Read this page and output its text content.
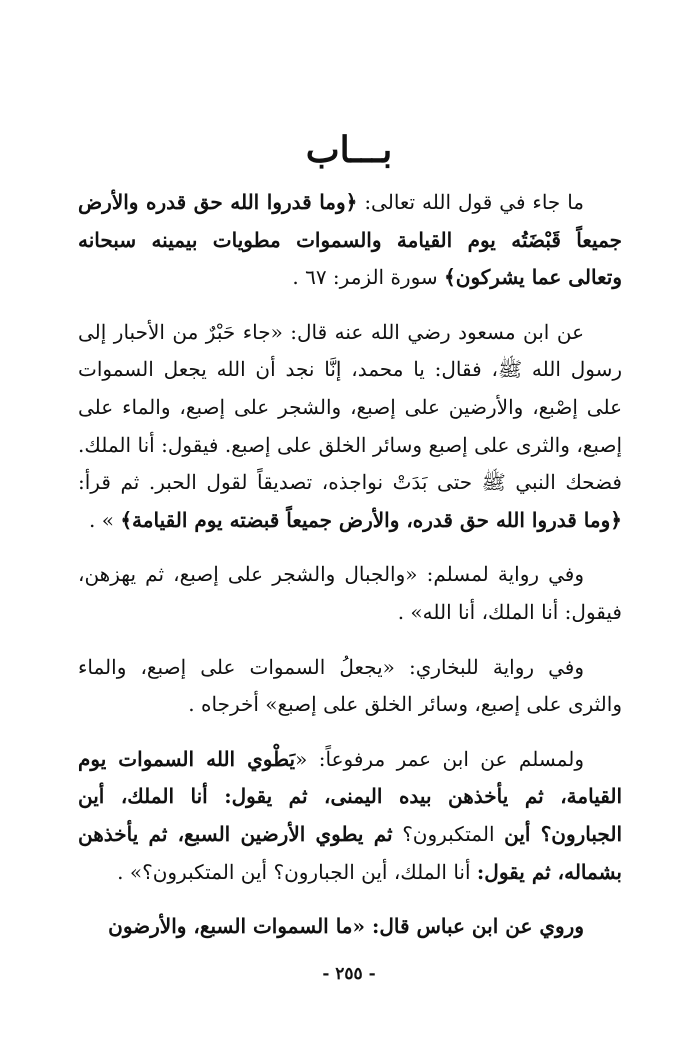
بـــاب

ما جاء في قول الله تعالى: ﴿وما قدروا الله حق قدره والأرض جميعاً قَبْضَتُه يوم القيامة والسموات مطويات بيمينه سبحانه وتعالى عما يشركون﴾ سورة الزمر: ٦٧ .

عن ابن مسعود رضي الله عنه قال: «جاء حَبْرٌ من الأحبار إلى رسول الله ﷺ، فقال: يا محمد، إنَّا نجد أن الله يجعل السموات على إصْبع، والأرضين على إصبع، والشجر على إصبع، والماء على إصبع، والثرى على إصبع وسائر الخلق على إصبع. فيقول: أنا الملك. فضحك النبي ﷺ حتى بَدَتْ نواجذه، تصديقاً لقول الحبر. ثم قرأ: ﴿وما قدروا الله حق قدره، والأرض جميعاً قبضته يوم القيامة﴾ » .

وفي رواية لمسلم: «والجبال والشجر على إصبع، ثم يهزهن، فيقول: أنا الملك، أنا الله» .

وفي رواية للبخاري: «يجعلُ السموات على إصبع، والماء والثرى على إصبع، وسائر الخلق على إصبع» أخرجاه .

ولمسلم عن ابن عمر مرفوعاً: «يَطْوي الله السموات يوم القيامة، ثم يأخذهن بيده اليمنى، ثم يقول: أنا الملك، أين الجبارون؟ أين المتكبرون؟ ثم يطوي الأرضين السبع، ثم يأخذهن بشماله، ثم يقول: أنا الملك، أين الجبارون؟ أين المتكبرون؟» .

وروي عن ابن عباس قال: «ما السموات السبع، والأرضون

- ٢٥٥ -
